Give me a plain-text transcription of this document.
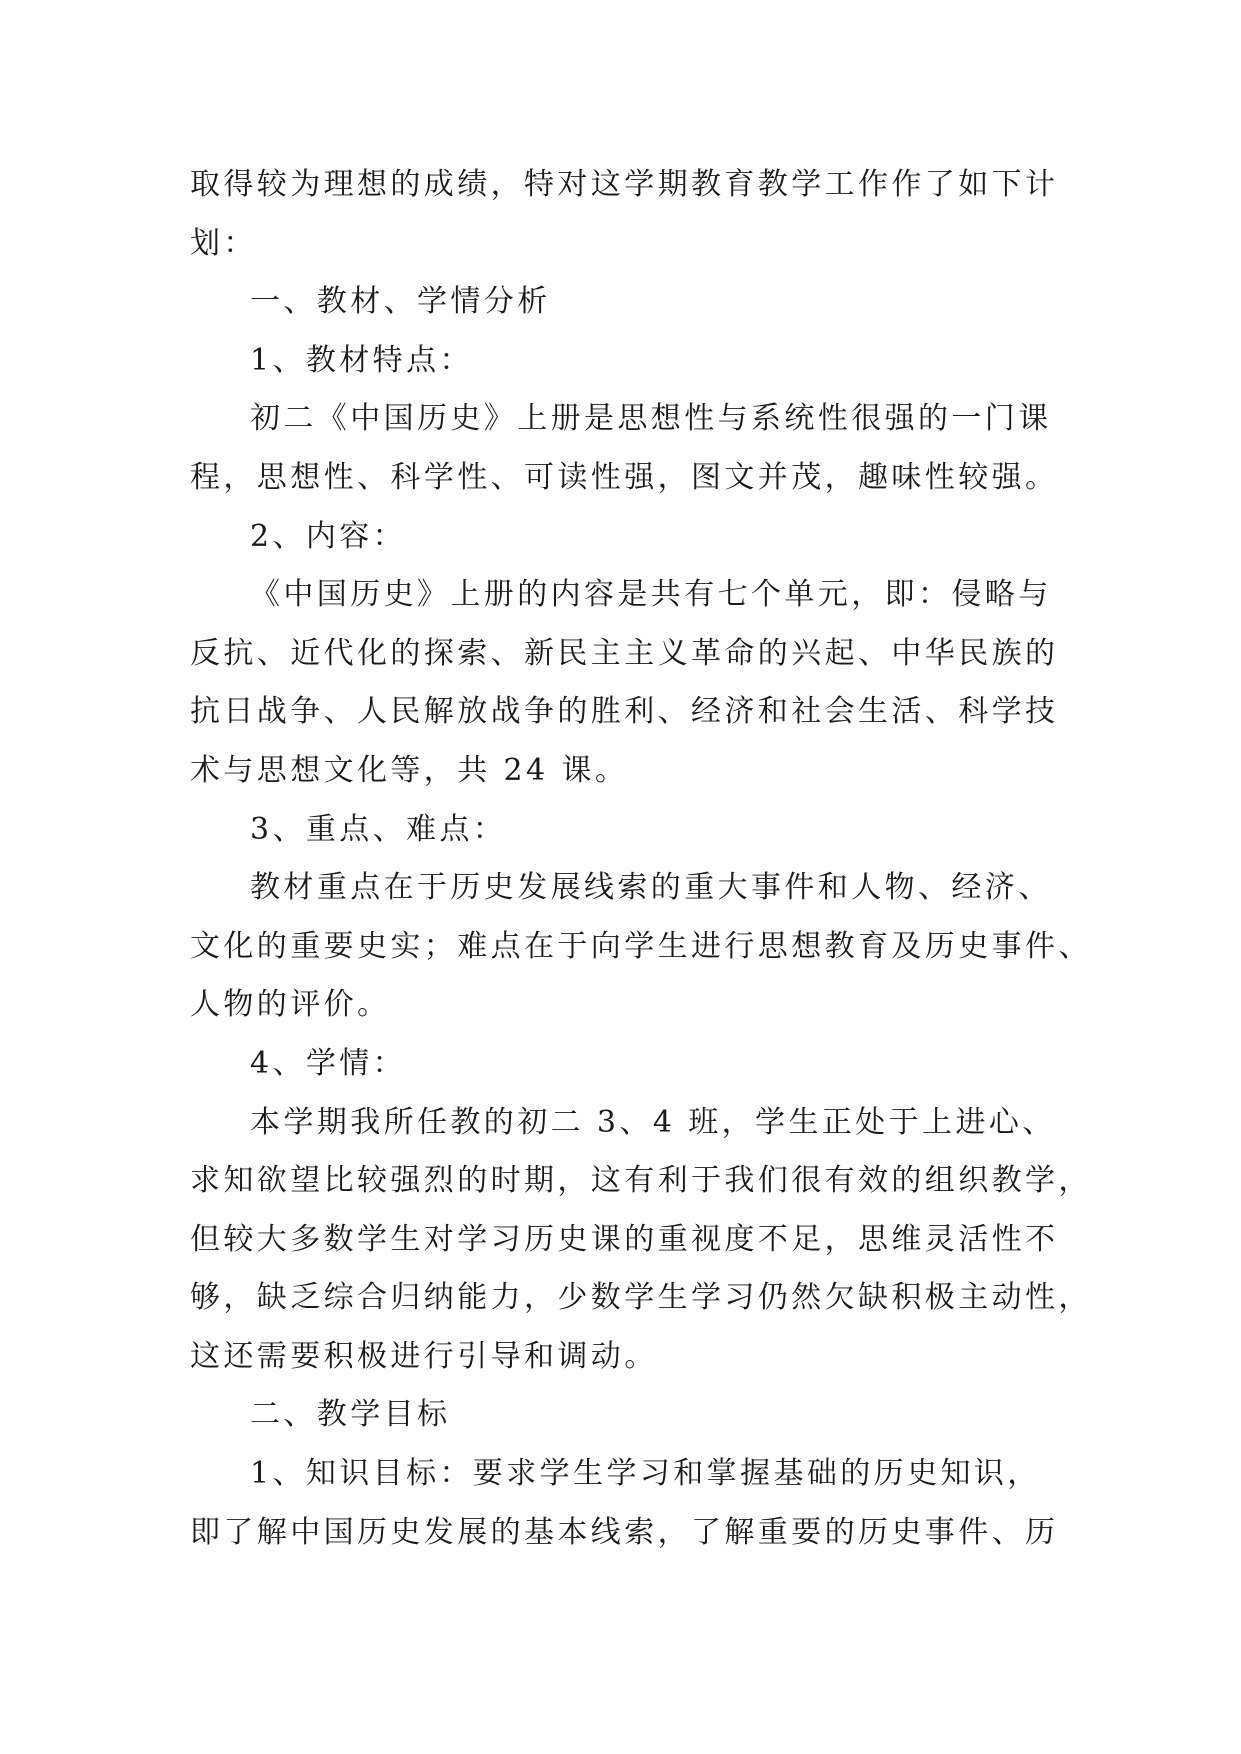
取得较为理想的成绩，特对这学期教育教学工作作了如下计
划：
一、教材、学情分析
1、教材特点：
初二《中国历史》上册是思想性与系统性很强的一门课
程，思想性、科学性、可读性强，图文并茂，趣味性较强。
2、内容：
《中国历史》上册的内容是共有七个单元，即：侵略与
反抗、近代化的探索、新民主主义革命的兴起、中华民族的
抗日战争、人民解放战争的胜利、经济和社会生活、科学技
术与思想文化等，共 24 课。
3、重点、难点：
教材重点在于历史发展线索的重大事件和人物、经济、
文化的重要史实；难点在于向学生进行思想教育及历史事件、
人物的评价。
4、学情：
本学期我所任教的初二 3、4 班，学生正处于上进心、
求知欲望比较强烈的时期，这有利于我们很有效的组织教学，
但较大多数学生对学习历史课的重视度不足，思维灵活性不
够，缺乏综合归纳能力，少数学生学习仍然欠缺积极主动性，
这还需要积极进行引导和调动。
二、教学目标
1、知识目标：要求学生学习和掌握基础的历史知识，
即了解中国历史发展的基本线索，了解重要的历史事件、历
